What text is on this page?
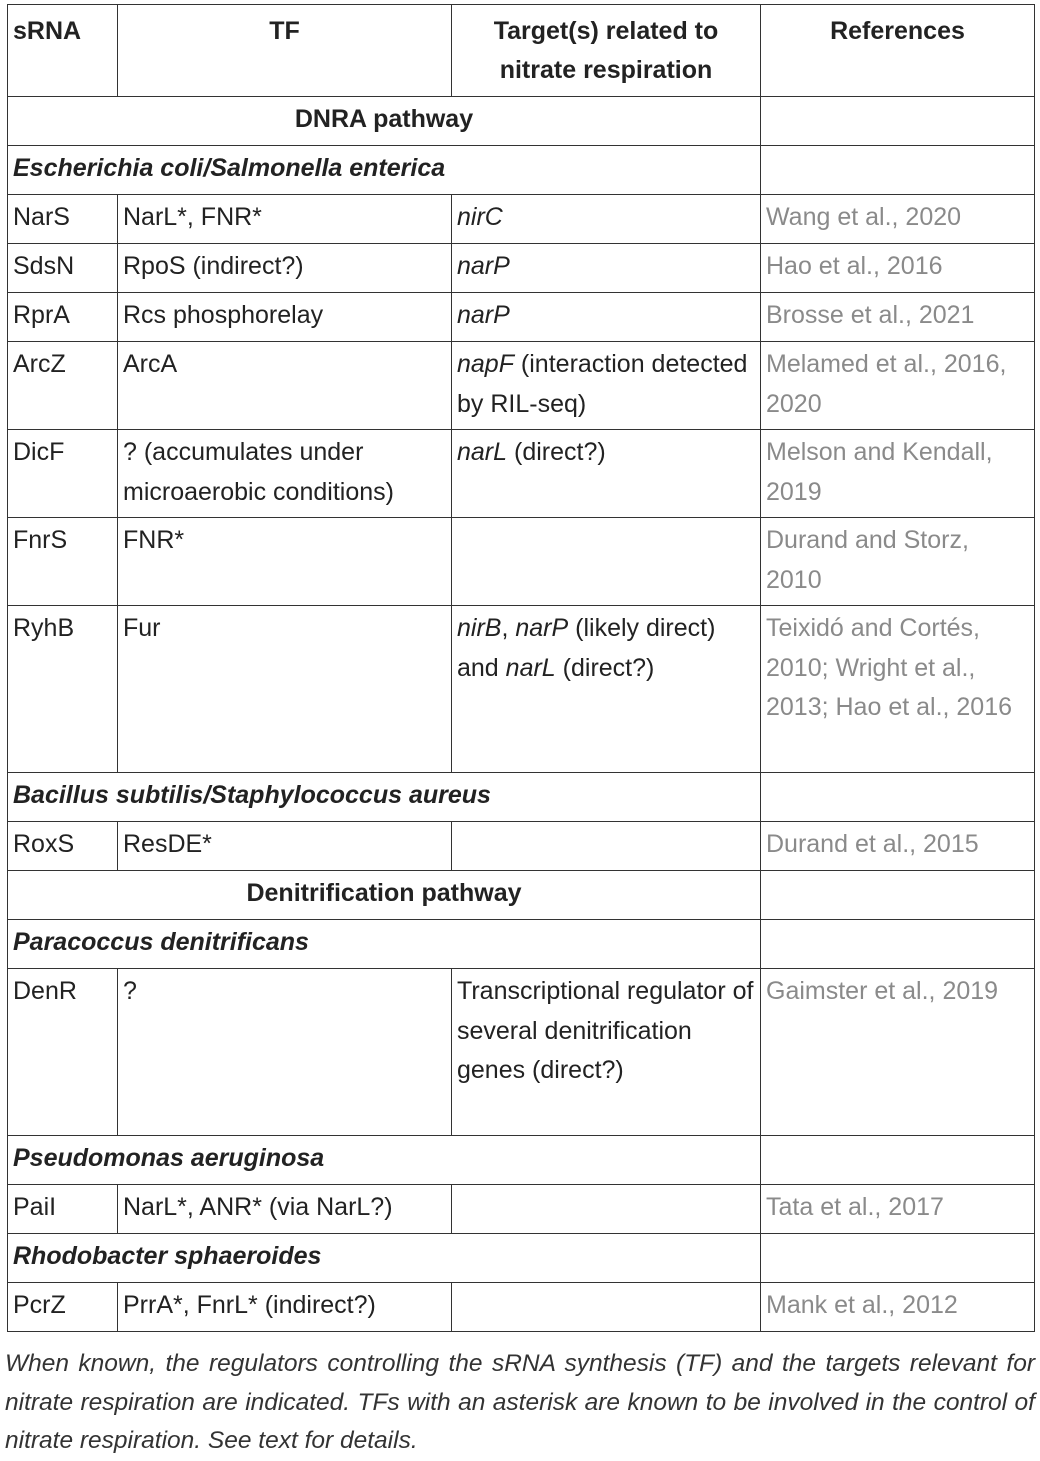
sRNA	TF	Target(s) related to nitrate respiration	References
DNRA pathway			
Escherichia coli/Salmonella enterica			
NarS	NarL*, FNR*	nirC	Wang et al., 2020
SdsN	RpoS (indirect?)	narP	Hao et al., 2016
RprA	Rcs phosphorelay	narP	Brosse et al., 2021
ArcZ	ArcA	napF (interaction detected by RIL-seq)	Melamed et al., 2016, 2020
DicF	? (accumulates under microaerobic conditions)	narL (direct?)	Melson and Kendall, 2019
FnrS	FNR*		Durand and Storz, 2010
RyhB	Fur	nirB, narP (likely direct) and narL (direct?)	Teixidó and Cortés, 2010; Wright et al., 2013; Hao et al., 2016
Bacillus subtilis/Staphylococcus aureus			
RoxS	ResDE*		Durand et al., 2015
Denitrification pathway			
Paracoccus denitrificans			
DenR	?	Transcriptional regulator of several denitrification genes (direct?)	Gaimster et al., 2019
Pseudomonas aeruginosa			
PaiI	NarL*, ANR* (via NarL?)		Tata et al., 2017
Rhodobacter sphaeroides			
PcrZ	PrrA*, FnrL* (indirect?)		Mank et al., 2012
When known, the regulators controlling the sRNA synthesis (TF) and the targets relevant for nitrate respiration are indicated. TFs with an asterisk are known to be involved in the control of nitrate respiration. See text for details.
